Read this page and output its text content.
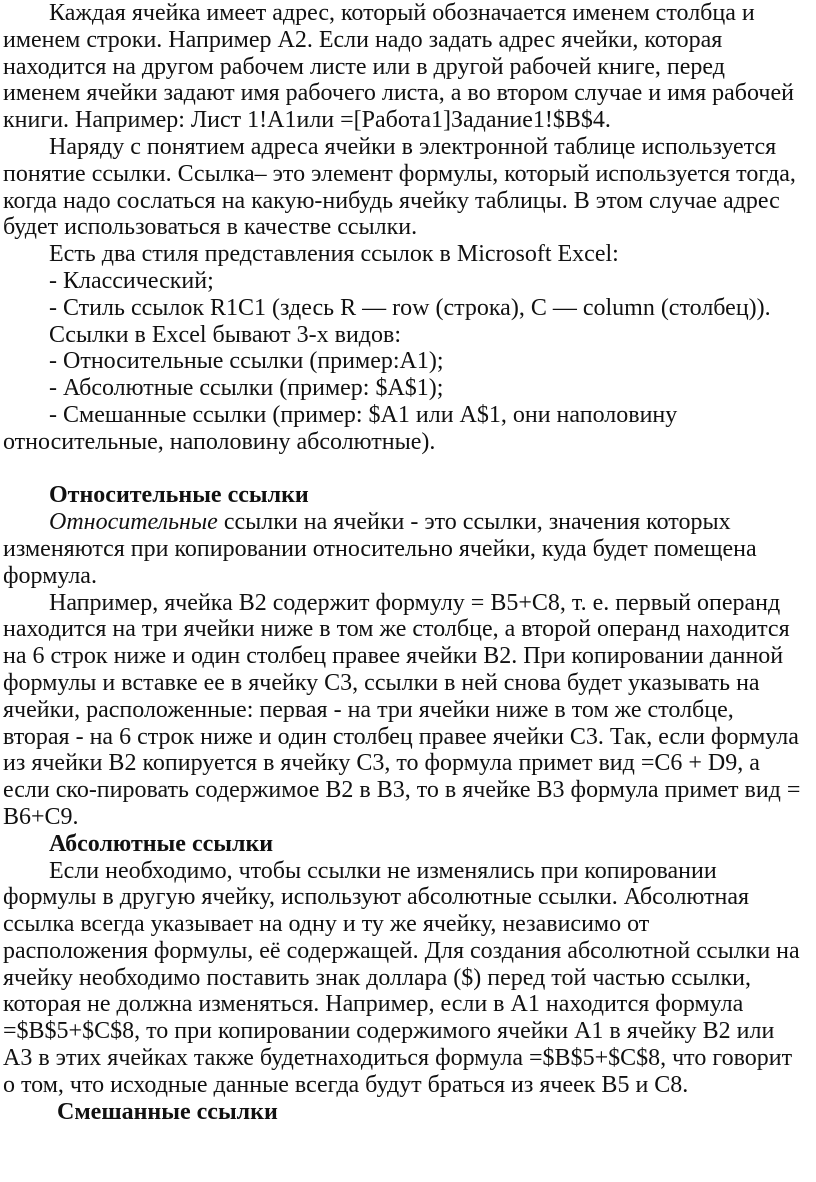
Каждая ячейка имеет адрес, который обозначается именем столбца и
именем строки. Например А2. Если надо задать адрес ячейки, которая
находится на другом рабочем листе или в другой рабочей книге, перед
именем ячейки задают имя рабочего листа, а во втором случае и имя рабочей
книги. Например: Лист 1!А1или =[Работа1]Задание1!$B$4.
Наряду с понятием адреса ячейки в электронной таблице используется
понятие ссылки. Ссылка– это элемент формулы, который используется тогда,
когда надо сослаться на какую-нибудь ячейку таблицы. В этом случае адрес
будет использоваться в качестве ссылки.
Есть два стиля представления ссылок в Microsoft Excel:
- Классический;
- Стиль ссылок R1C1 (здесь R — row (строка), C — column (столбец)).
Ссылки в Excel бывают 3-х видов:
- Относительные ссылки (пример:A1);
- Абсолютные ссылки (пример: $A$1);
- Смешанные ссылки (пример: $A1 или A$1, они наполовину
относительные, наполовину абсолютные).
Относительные ссылки
Относительные ссылки на ячейки - это ссылки, значения которых
изменяются при копировании относительно ячейки, куда будет помещена
формула.
Например, ячейка В2 содержит формулу = В5+С8, т. е. первый операнд
находится на три ячейки ниже в том же столбце, а второй операнд находится
на 6 строк ниже и один столбец правее ячейки В2. При копировании данной
формулы и вставке ее в ячейку С3, ссылки в ней снова будет указывать на
ячейки, расположенные: первая - на три ячейки ниже в том же столбце,
вторая - на 6 строк ниже и один столбец правее ячейки С3. Так, если формула
из ячейки В2 копируется в ячейку С3, то формула примет вид =С6 + D9, а
если ско-пировать содержимое В2 в В3, то в ячейке В3 формула примет вид =
В6+С9.
Абсолютные ссылки
Если необходимо, чтобы ссылки не изменялись при копировании
формулы в другую ячейку, используют абсолютные ссылки. Абсолютная
ссылка всегда указывает на одну и ту же ячейку, независимо от
расположения формулы, её содержащей. Для создания абсолютной ссылки на
ячейку необходимо поставить знак доллара ($) перед той частью ссылки,
которая не должна изменяться. Например, если в А1 находится формула
=$В$5+$С$8, то при копировании содержимого ячейки А1 в ячейку В2 или
А3 в этих ячейках также будетнаходиться формула =$В$5+$С$8, что говорит
о том, что исходные данные всегда будут браться из ячеек В5 и С8.
Смешанные ссылки
